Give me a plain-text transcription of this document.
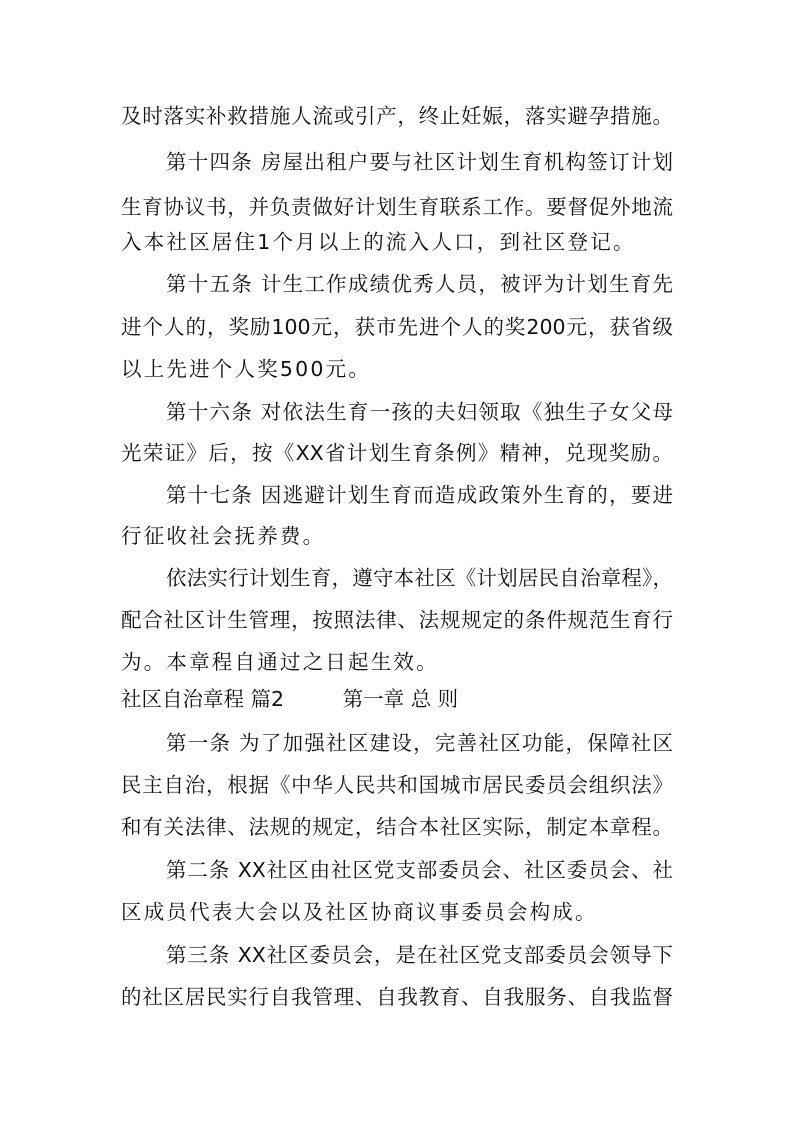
及时落实补救措施人流或引产，终止妊娠，落实避孕措施。
第十四条 房屋出租户要与社区计划生育机构签订计划
生育协议书，并负责做好计划生育联系工作。要督促外地流
入本社区居住1个月以上的流入人口，到社区登记。
第十五条 计生工作成绩优秀人员，被评为计划生育先
进个人的，奖励100元，获市先进个人的奖200元，获省级
以上先进个人奖500元。
第十六条 对依法生育一孩的夫妇领取《独生子女父母
光荣证》后，按《XX省计划生育条例》精神，兑现奖励。
第十七条 因逃避计划生育而造成政策外生育的，要进
行征收社会抚养费。
依法实行计划生育，遵守本社区《计划居民自治章程》，
配合社区计生管理，按照法律、法规规定的条件规范生育行
为。本章程自通过之日起生效。
社区自治章程 篇2	第一章 总 则
第一条 为了加强社区建设，完善社区功能，保障社区
民主自治，根据《中华人民共和国城市居民委员会组织法》
和有关法律、法规的规定，结合本社区实际，制定本章程。
第二条 XX社区由社区党支部委员会、社区委员会、社
区成员代表大会以及社区协商议事委员会构成。
第三条 XX社区委员会，是在社区党支部委员会领导下
的社区居民实行自我管理、自我教育、自我服务、自我监督
